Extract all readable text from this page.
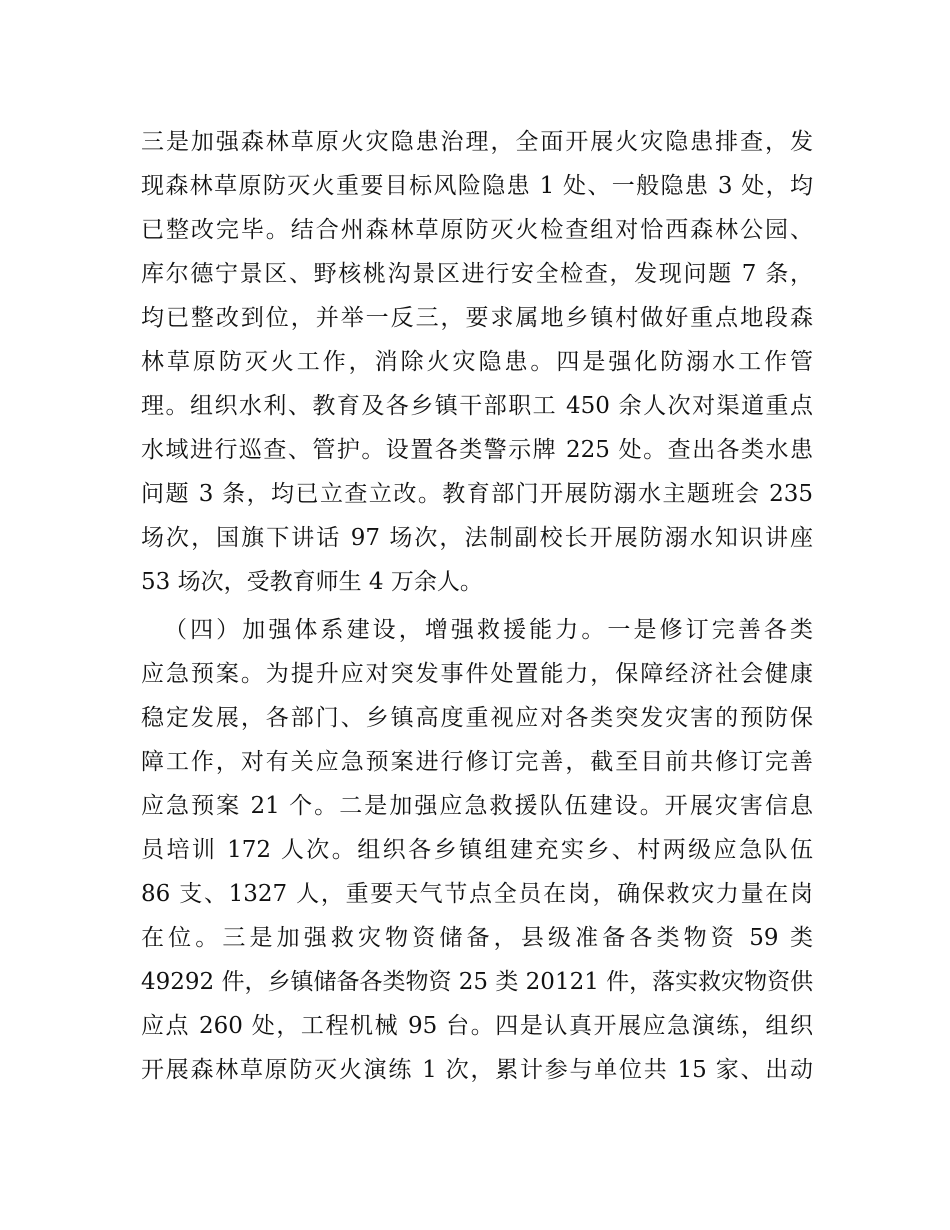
三是加强森林草原火灾隐患治理，全面开展火灾隐患排查，发
现森林草原防灭火重要目标风险隐患 1 处、一般隐患 3 处，均
已整改完毕。结合州森林草原防灭火检查组对恰西森林公园、
库尔德宁景区、野核桃沟景区进行安全检查，发现问题 7 条，
均已整改到位，并举一反三，要求属地乡镇村做好重点地段森
林草原防灭火工作，消除火灾隐患。四是强化防溺水工作管
理。组织水利、教育及各乡镇干部职工 450 余人次对渠道重点
水域进行巡查、管护。设置各类警示牌 225 处。查出各类水患
问题 3 条，均已立查立改。教育部门开展防溺水主题班会 235
场次，国旗下讲话 97 场次，法制副校长开展防溺水知识讲座
53 场次，受教育师生 4 万余人。
（四）加强体系建设，增强救援能力。一是修订完善各类
应急预案。为提升应对突发事件处置能力，保障经济社会健康
稳定发展，各部门、乡镇高度重视应对各类突发灾害的预防保
障工作，对有关应急预案进行修订完善，截至目前共修订完善
应急预案 21 个。二是加强应急救援队伍建设。开展灾害信息
员培训 172 人次。组织各乡镇组建充实乡、村两级应急队伍
86 支、1327 人，重要天气节点全员在岗，确保救灾力量在岗
在位。三是加强救灾物资储备，县级准备各类物资 59 类
49292 件，乡镇储备各类物资 25 类 20121 件，落实救灾物资供
应点 260 处，工程机械 95 台。四是认真开展应急演练，组织
开展森林草原防灭火演练 1 次，累计参与单位共 15 家、出动
